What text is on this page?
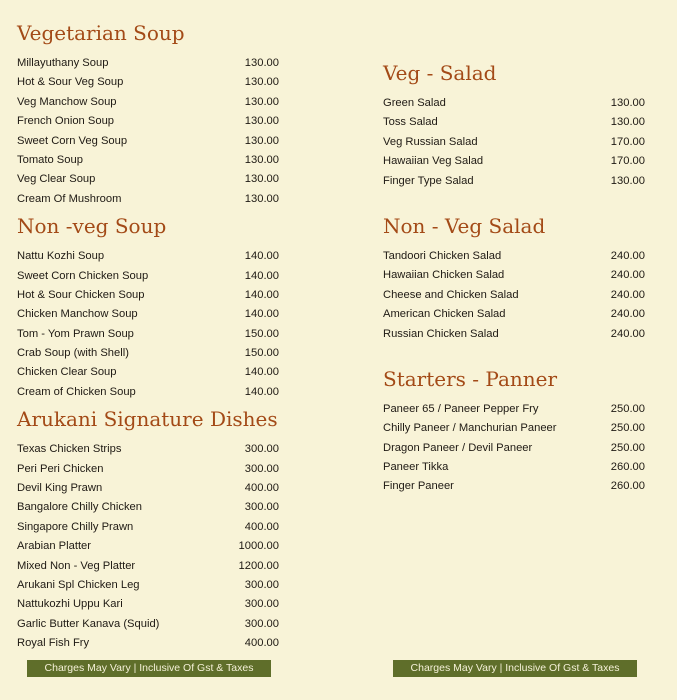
Vegetarian Soup
Millayuthany Soup	130.00
Hot & Sour Veg Soup	130.00
Veg Manchow Soup	130.00
French Onion Soup	130.00
Sweet Corn Veg Soup	130.00
Tomato Soup	130.00
Veg Clear Soup	130.00
Cream Of Mushroom	130.00
Non -veg Soup
Nattu Kozhi Soup	140.00
Sweet Corn Chicken Soup	140.00
Hot & Sour Chicken Soup	140.00
Chicken Manchow Soup	140.00
Tom - Yom Prawn Soup	150.00
Crab Soup (with Shell)	150.00
Chicken Clear Soup	140.00
Cream of Chicken Soup	140.00
Arukani Signature Dishes
Texas Chicken Strips	300.00
Peri Peri Chicken	300.00
Devil King Prawn	400.00
Bangalore Chilly Chicken	300.00
Singapore Chilly Prawn	400.00
Arabian Platter	1000.00
Mixed Non - Veg Platter	1200.00
Arukani Spl Chicken Leg	300.00
Nattukozhi Uppu Kari	300.00
Garlic Butter Kanava (Squid)	300.00
Royal Fish Fry	400.00
Veg - Salad
Green Salad	130.00
Toss Salad	130.00
Veg Russian Salad	170.00
Hawaiian Veg Salad	170.00
Finger Type Salad	130.00
Non - Veg Salad
Tandoori Chicken Salad	240.00
Hawaiian Chicken Salad	240.00
Cheese and Chicken Salad	240.00
American Chicken Salad	240.00
Russian Chicken Salad	240.00
Starters - Panner
Paneer 65 / Paneer Pepper Fry	250.00
Chilly Paneer / Manchurian Paneer	250.00
Dragon Paneer / Devil Paneer	250.00
Paneer Tikka	260.00
Finger Paneer	260.00
Charges May Vary | Inclusive Of Gst & Taxes	Charges May Vary | Inclusive Of Gst & Taxes
